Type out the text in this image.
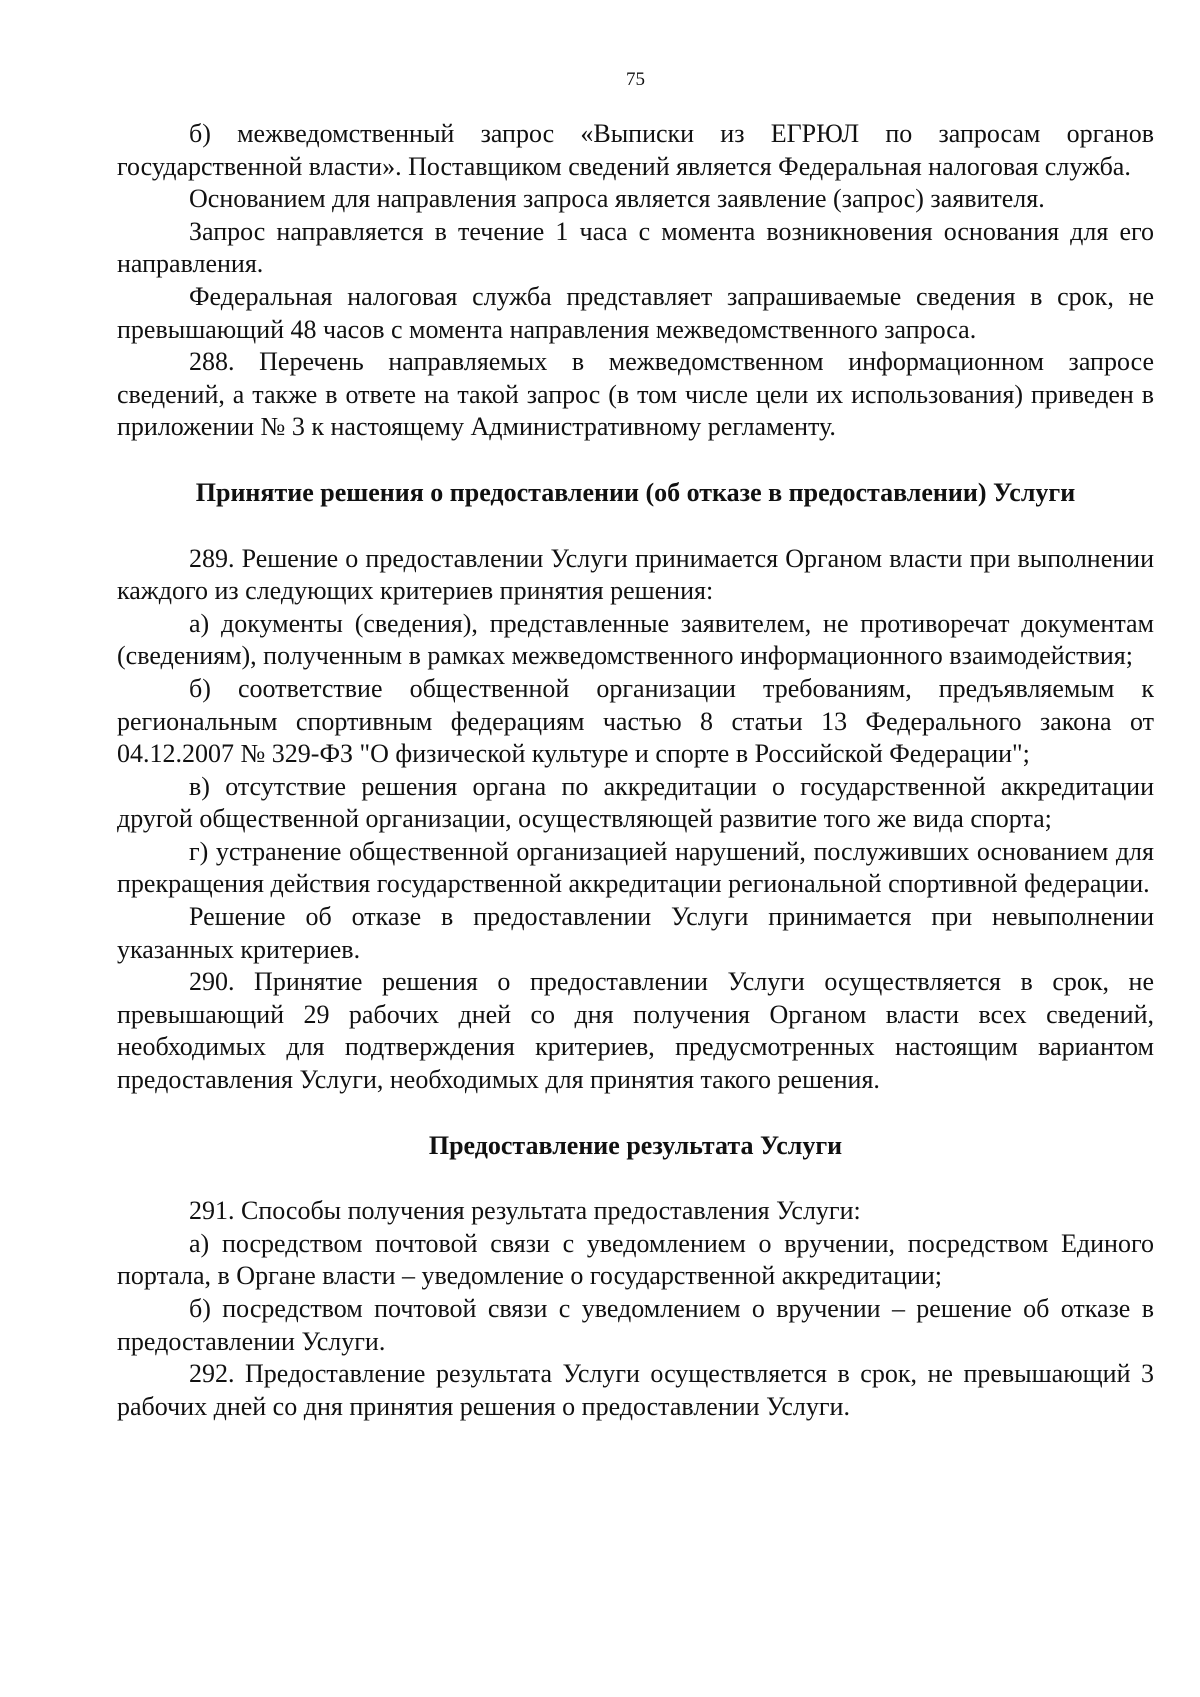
75

б) межведомственный запрос «Выписки из ЕГРЮЛ по запросам органов государственной власти». Поставщиком сведений является Федеральная налоговая служба.

Основанием для направления запроса является заявление (запрос) заявителя.

Запрос направляется в течение 1 часа с момента возникновения основания для его направления.

Федеральная налоговая служба представляет запрашиваемые сведения в срок, не превышающий 48 часов с момента направления межведомственного запроса.

288. Перечень направляемых в межведомственном информационном запросе сведений, а также в ответе на такой запрос (в том числе цели их использования) приведен в приложении № 3 к настоящему Административному регламенту.

Принятие решения о предоставлении (об отказе в предоставлении) Услуги

289. Решение о предоставлении Услуги принимается Органом власти при выполнении каждого из следующих критериев принятия решения:

а) документы (сведения), представленные заявителем, не противоречат документам (сведениям), полученным в рамках межведомственного информационного взаимодействия;

б) соответствие общественной организации требованиям, предъявляемым к региональным спортивным федерациям частью 8 статьи 13 Федерального закона от 04.12.2007 № 329-ФЗ "О физической культуре и спорте в Российской Федерации";

в) отсутствие решения органа по аккредитации о государственной аккредитации другой общественной организации, осуществляющей развитие того же вида спорта;

г) устранение общественной организацией нарушений, послуживших основанием для прекращения действия государственной аккредитации региональной спортивной федерации.

Решение об отказе в предоставлении Услуги принимается при невыполнении указанных критериев.

290. Принятие решения о предоставлении Услуги осуществляется в срок, не превышающий 29 рабочих дней со дня получения Органом власти всех сведений, необходимых для подтверждения критериев, предусмотренных настоящим вариантом предоставления Услуги, необходимых для принятия такого решения.

Предоставление результата Услуги

291. Способы получения результата предоставления Услуги:

а) посредством почтовой связи с уведомлением о вручении, посредством Единого портала, в Органе власти – уведомление о государственной аккредитации;

б) посредством почтовой связи с уведомлением о вручении – решение об отказе в предоставлении Услуги.

292. Предоставление результата Услуги осуществляется в срок, не превышающий 3 рабочих дней со дня принятия решения о предоставлении Услуги.
